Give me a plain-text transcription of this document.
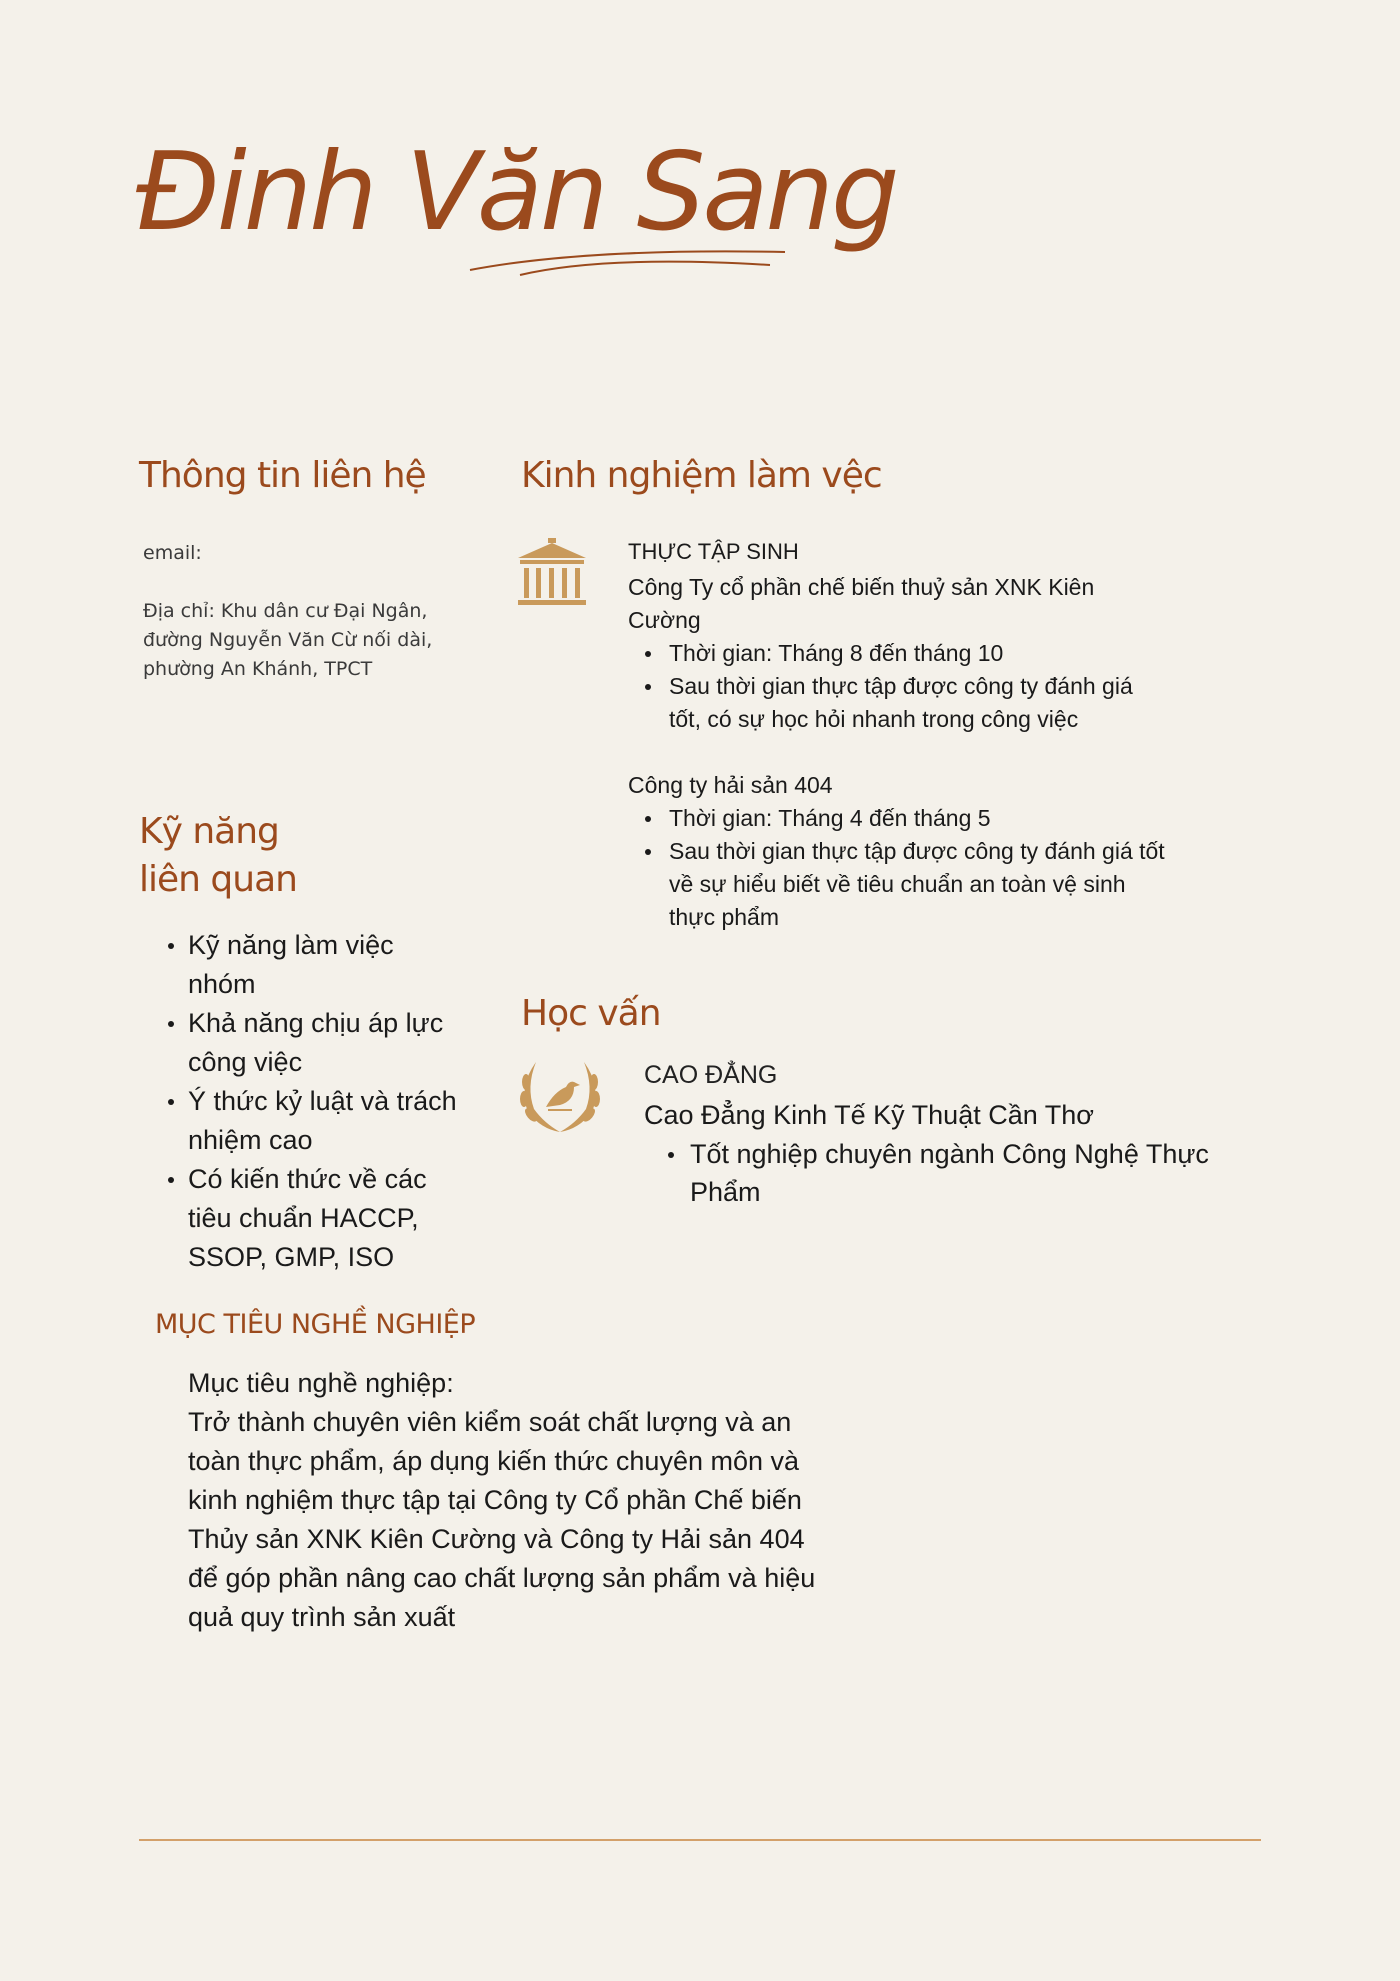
Đinh Văn Sang
Thông tin liên hệ
email:
Địa chỉ: Khu dân cư Đại Ngân, đường Nguyễn Văn Cừ nối dài, phường An Khánh, TPCT
Kỹ năng liên quan
Kỹ năng làm việc nhóm
Khả năng chịu áp lực công việc
Ý thức kỷ luật và trách nhiệm cao
Có kiến thức về các tiêu chuẩn HACCP, SSOP, GMP, ISO
Kinh nghiệm làm vệc
THỰC TẬP SINH
Công Ty cổ phần chế biến thuỷ sản XNK Kiên Cường
Thời gian: Tháng 8 đến tháng 10
Sau thời gian thực tập được công ty đánh giá tốt, có sự học hỏi nhanh trong công việc
Công ty hải sản 404
Thời gian: Tháng 4 đến tháng 5
Sau thời gian thực tập được công ty đánh giá tốt về sự hiểu biết về tiêu chuẩn an toàn vệ sinh thực phẩm
Học vấn
CAO ĐẲNG
Cao Đẳng Kinh Tế Kỹ Thuật Cần Thơ
Tốt nghiệp chuyên ngành Công Nghệ Thực Phẩm
MỤC TIÊU NGHỀ NGHIỆP
Mục tiêu nghề nghiệp:
Trở thành chuyên viên kiểm soát chất lượng và an toàn thực phẩm, áp dụng kiến thức chuyên môn và kinh nghiệm thực tập tại Công ty Cổ phần Chế biến Thủy sản XNK Kiên Cường và Công ty Hải sản 404 để góp phần nâng cao chất lượng sản phẩm và hiệu quả quy trình sản xuất
